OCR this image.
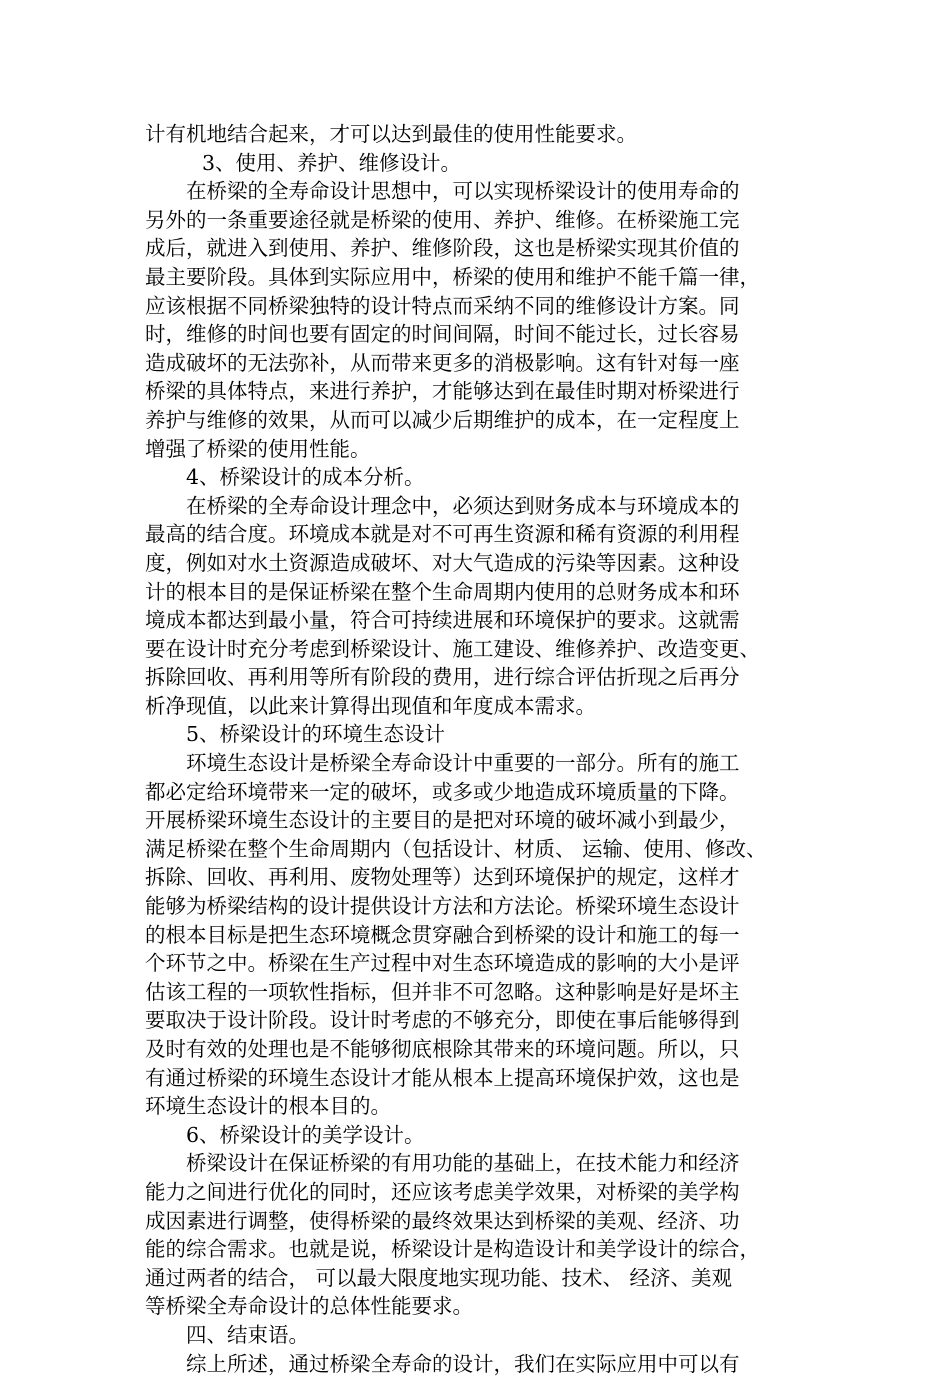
计有机地结合起来，才可以达到最佳的使用性能要求。
3、使用、养护、维修设计。
在桥梁的全寿命设计思想中，可以实现桥梁设计的使用寿命的
另外的一条重要途径就是桥梁的使用、养护、维修。在桥梁施工完
成后，就进入到使用、养护、维修阶段，这也是桥梁实现其价值的
最主要阶段。具体到实际应用中，桥梁的使用和维护不能千篇一律，
应该根据不同桥梁独特的设计特点而采纳不同的维修设计方案。同
时，维修的时间也要有固定的时间间隔，时间不能过长，过长容易
造成破坏的无法弥补，从而带来更多的消极影响。这有针对每一座
桥梁的具体特点，来进行养护，才能够达到在最佳时期对桥梁进行
养护与维修的效果，从而可以减少后期维护的成本，在一定程度上
增强了桥梁的使用性能。
4、桥梁设计的成本分析。
在桥梁的全寿命设计理念中，必须达到财务成本与环境成本的
最高的结合度。环境成本就是对不可再生资源和稀有资源的利用程
度，例如对水土资源造成破坏、对大气造成的污染等因素。这种设
计的根本目的是保证桥梁在整个生命周期内使用的总财务成本和环
境成本都达到最小量，符合可持续进展和环境保护的要求。这就需
要在设计时充分考虑到桥梁设计、施工建设、维修养护、改造变更、
拆除回收、再利用等所有阶段的费用，进行综合评估折现之后再分
析净现值，以此来计算得出现值和年度成本需求。
5、桥梁设计的环境生态设计
环境生态设计是桥梁全寿命设计中重要的一部分。所有的施工
都必定给环境带来一定的破坏，或多或少地造成环境质量的下降。
开展桥梁环境生态设计的主要目的是把对环境的破坏减小到最少，
满足桥梁在整个生命周期内（包括设计、材质、 运输、使用、修改、
拆除、回收、再利用、废物处理等）达到环境保护的规定，这样才
能够为桥梁结构的设计提供设计方法和方法论。桥梁环境生态设计
的根本目标是把生态环境概念贯穿融合到桥梁的设计和施工的每一
个环节之中。桥梁在生产过程中对生态环境造成的影响的大小是评
估该工程的一项软性指标，但并非不可忽略。这种影响是好是坏主
要取决于设计阶段。设计时考虑的不够充分，即使在事后能够得到
及时有效的处理也是不能够彻底根除其带来的环境问题。所以，只
有通过桥梁的环境生态设计才能从根本上提高环境保护效，这也是
环境生态设计的根本目的。
6、桥梁设计的美学设计。
桥梁设计在保证桥梁的有用功能的基础上，在技术能力和经济
能力之间进行优化的同时，还应该考虑美学效果，对桥梁的美学构
成因素进行调整，使得桥梁的最终效果达到桥梁的美观、经济、功
能的综合需求。也就是说，桥梁设计是构造设计和美学设计的综合，
通过两者的结合， 可以最大限度地实现功能、技术、 经济、美观
等桥梁全寿命设计的总体性能要求。
四、结束语。
综上所述，通过桥梁全寿命的设计，我们在实际应用中可以有
